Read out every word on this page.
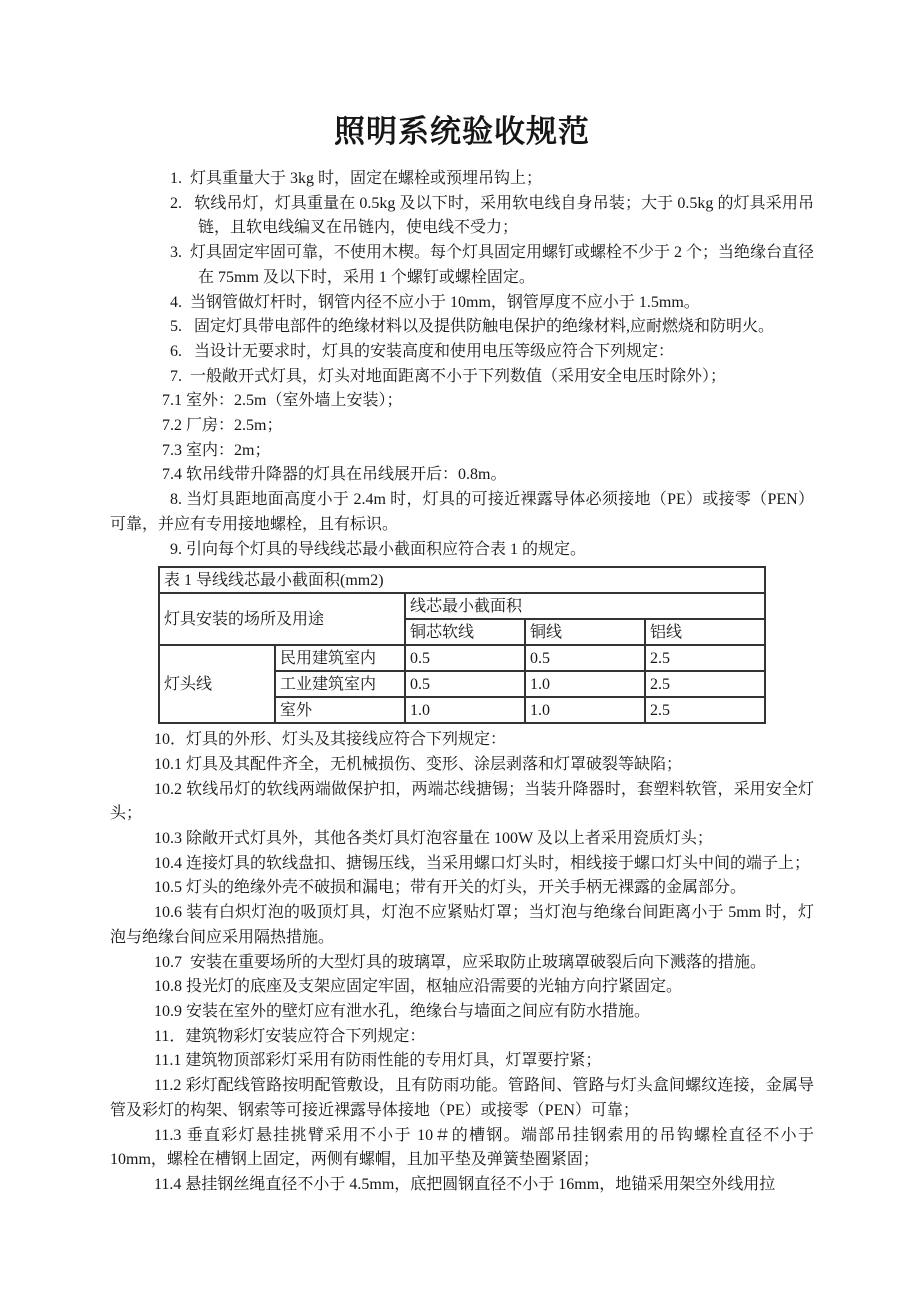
照明系统验收规范

1.  灯具重量大于 3kg 时，固定在螺栓或预埋吊钩上；

2.   软线吊灯，灯具重量在 0.5kg 及以下时，采用软电线自身吊装；大于 0.5kg 的灯具采用吊链，且软电线编叉在吊链内，使电线不受力；

3.  灯具固定牢固可靠，不使用木楔。每个灯具固定用螺钉或螺栓不少于 2 个；当绝缘台直径在 75mm 及以下时，采用 1 个螺钉或螺栓固定。

4.  当钢管做灯杆时，钢管内径不应小于 10mm，钢管厚度不应小于 1.5mm。

5.   固定灯具带电部件的绝缘材料以及提供防触电保护的绝缘材料,应耐燃烧和防明火。

6.   当设计无要求时，灯具的安装高度和使用电压等级应符合下列规定：

7.  一般敞开式灯具，灯头对地面距离不小于下列数值（采用安全电压时除外）；

7.1 室外：2.5m（室外墙上安装）；

7.2 厂房：2.5m；

7.3 室内：2m；

7.4 软吊线带升降器的灯具在吊线展开后：0.8m。

8. 当灯具距地面高度小于 2.4m 时，灯具的可接近裸露导体必须接地（PE）或接零（PEN）可靠，并应有专用接地螺栓，且有标识。

9. 引向每个灯具的导线线芯最小截面积应符合表 1 的规定。

表 1 导线线芯最小截面积(mm2)				
灯具安装的场所及用途		线芯最小截面积		
		铜芯软线	铜线	铝线
灯头线	民用建筑室内	0.5	0.5	2.5
	工业建筑室内	0.5	1.0	2.5
	室外	1.0	1.0	2.5

10．灯具的外形、灯头及其接线应符合下列规定：

10.1 灯具及其配件齐全，无机械损伤、变形、涂层剥落和灯罩破裂等缺陷；

10.2 软线吊灯的软线两端做保护扣，两端芯线搪锡；当装升降器时，套塑料软管，采用安全灯头；

10.3 除敞开式灯具外，其他各类灯具灯泡容量在 100W 及以上者采用瓷质灯头；

10.4 连接灯具的软线盘扣、搪锡压线，当采用螺口灯头时，相线接于螺口灯头中间的端子上；

10.5 灯头的绝缘外壳不破损和漏电；带有开关的灯头，开关手柄无裸露的金属部分。

10.6 装有白炽灯泡的吸顶灯具，灯泡不应紧贴灯罩；当灯泡与绝缘台间距离小于 5mm 时，灯泡与绝缘台间应采用隔热措施。

10.7  安装在重要场所的大型灯具的玻璃罩，应采取防止玻璃罩破裂后向下溅落的措施。

10.8 投光灯的底座及支架应固定牢固，枢轴应沿需要的光轴方向拧紧固定。

10.9 安装在室外的壁灯应有泄水孔，绝缘台与墙面之间应有防水措施。

11．建筑物彩灯安装应符合下列规定：

11.1 建筑物顶部彩灯采用有防雨性能的专用灯具，灯罩要拧紧；

11.2 彩灯配线管路按明配管敷设，且有防雨功能。管路间、管路与灯头盒间螺纹连接，金属导管及彩灯的构架、钢索等可接近裸露导体接地（PE）或接零（PEN）可靠；

11.3 垂直彩灯悬挂挑臂采用不小于 10＃的槽钢。端部吊挂钢索用的吊钩螺栓直径不小于 10mm，螺栓在槽钢上固定，两侧有螺帽，且加平垫及弹簧垫圈紧固；

11.4 悬挂钢丝绳直径不小于 4.5mm，底把圆钢直径不小于 16mm，地锚采用架空外线用拉
